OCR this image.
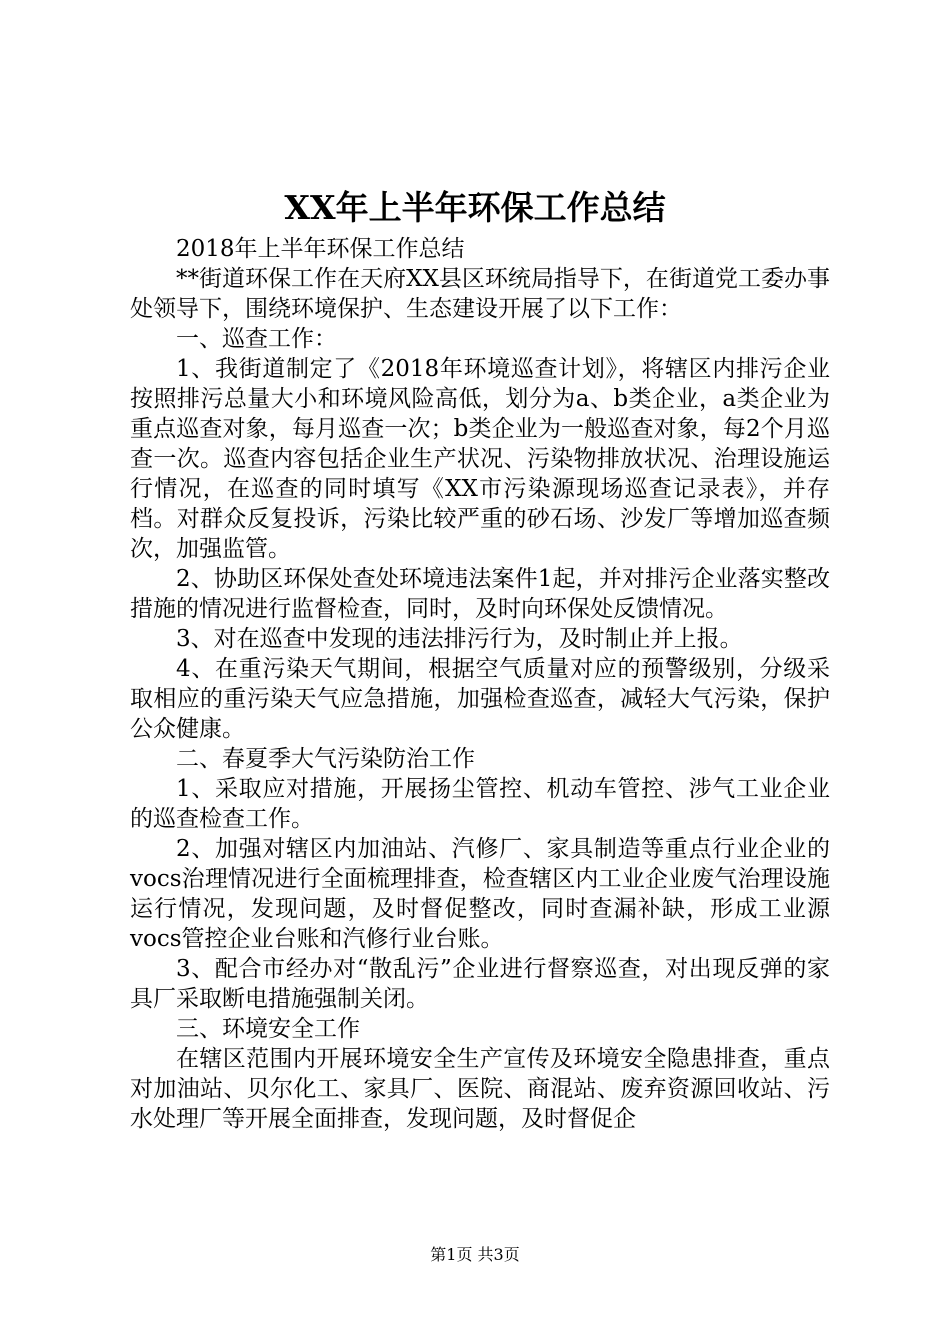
XX年上半年环保工作总结

2018年上半年环保工作总结

**街道环保工作在天府XX县区环统局指导下，在街道党工委办事处领导下，围绕环境保护、生态建设开展了以下工作：

一、巡查工作：

1、我街道制定了《2018年环境巡查计划》，将辖区内排污企业按照排污总量大小和环境风险高低，划分为a、b类企业，a类企业为重点巡查对象，每月巡查一次；b类企业为一般巡查对象，每2个月巡查一次。巡查内容包括企业生产状况、污染物排放状况、治理设施运行情况，在巡查的同时填写《XX市污染源现场巡查记录表》，并存档。对群众反复投诉，污染比较严重的砂石场、沙发厂等增加巡查频次，加强监管。

2、协助区环保处查处环境违法案件1起，并对排污企业落实整改措施的情况进行监督检查，同时，及时向环保处反馈情况。

3、对在巡查中发现的违法排污行为，及时制止并上报。

4、在重污染天气期间，根据空气质量对应的预警级别，分级采取相应的重污染天气应急措施，加强检查巡查，减轻大气污染，保护公众健康。

二、春夏季大气污染防治工作

1、采取应对措施，开展扬尘管控、机动车管控、涉气工业企业的巡查检查工作。

2、加强对辖区内加油站、汽修厂、家具制造等重点行业企业的vocs治理情况进行全面梳理排查，检查辖区内工业企业废气治理设施运行情况，发现问题，及时督促整改，同时查漏补缺，形成工业源vocs管控企业台账和汽修行业台账。

3、配合市经办对“散乱污”企业进行督察巡查，对出现反弹的家具厂采取断电措施强制关闭。

三、环境安全工作

在辖区范围内开展环境安全生产宣传及环境安全隐患排查，重点对加油站、贝尔化工、家具厂、医院、商混站、废弃资源回收站、污水处理厂等开展全面排查，发现问题，及时督促企

第1页 共3页
